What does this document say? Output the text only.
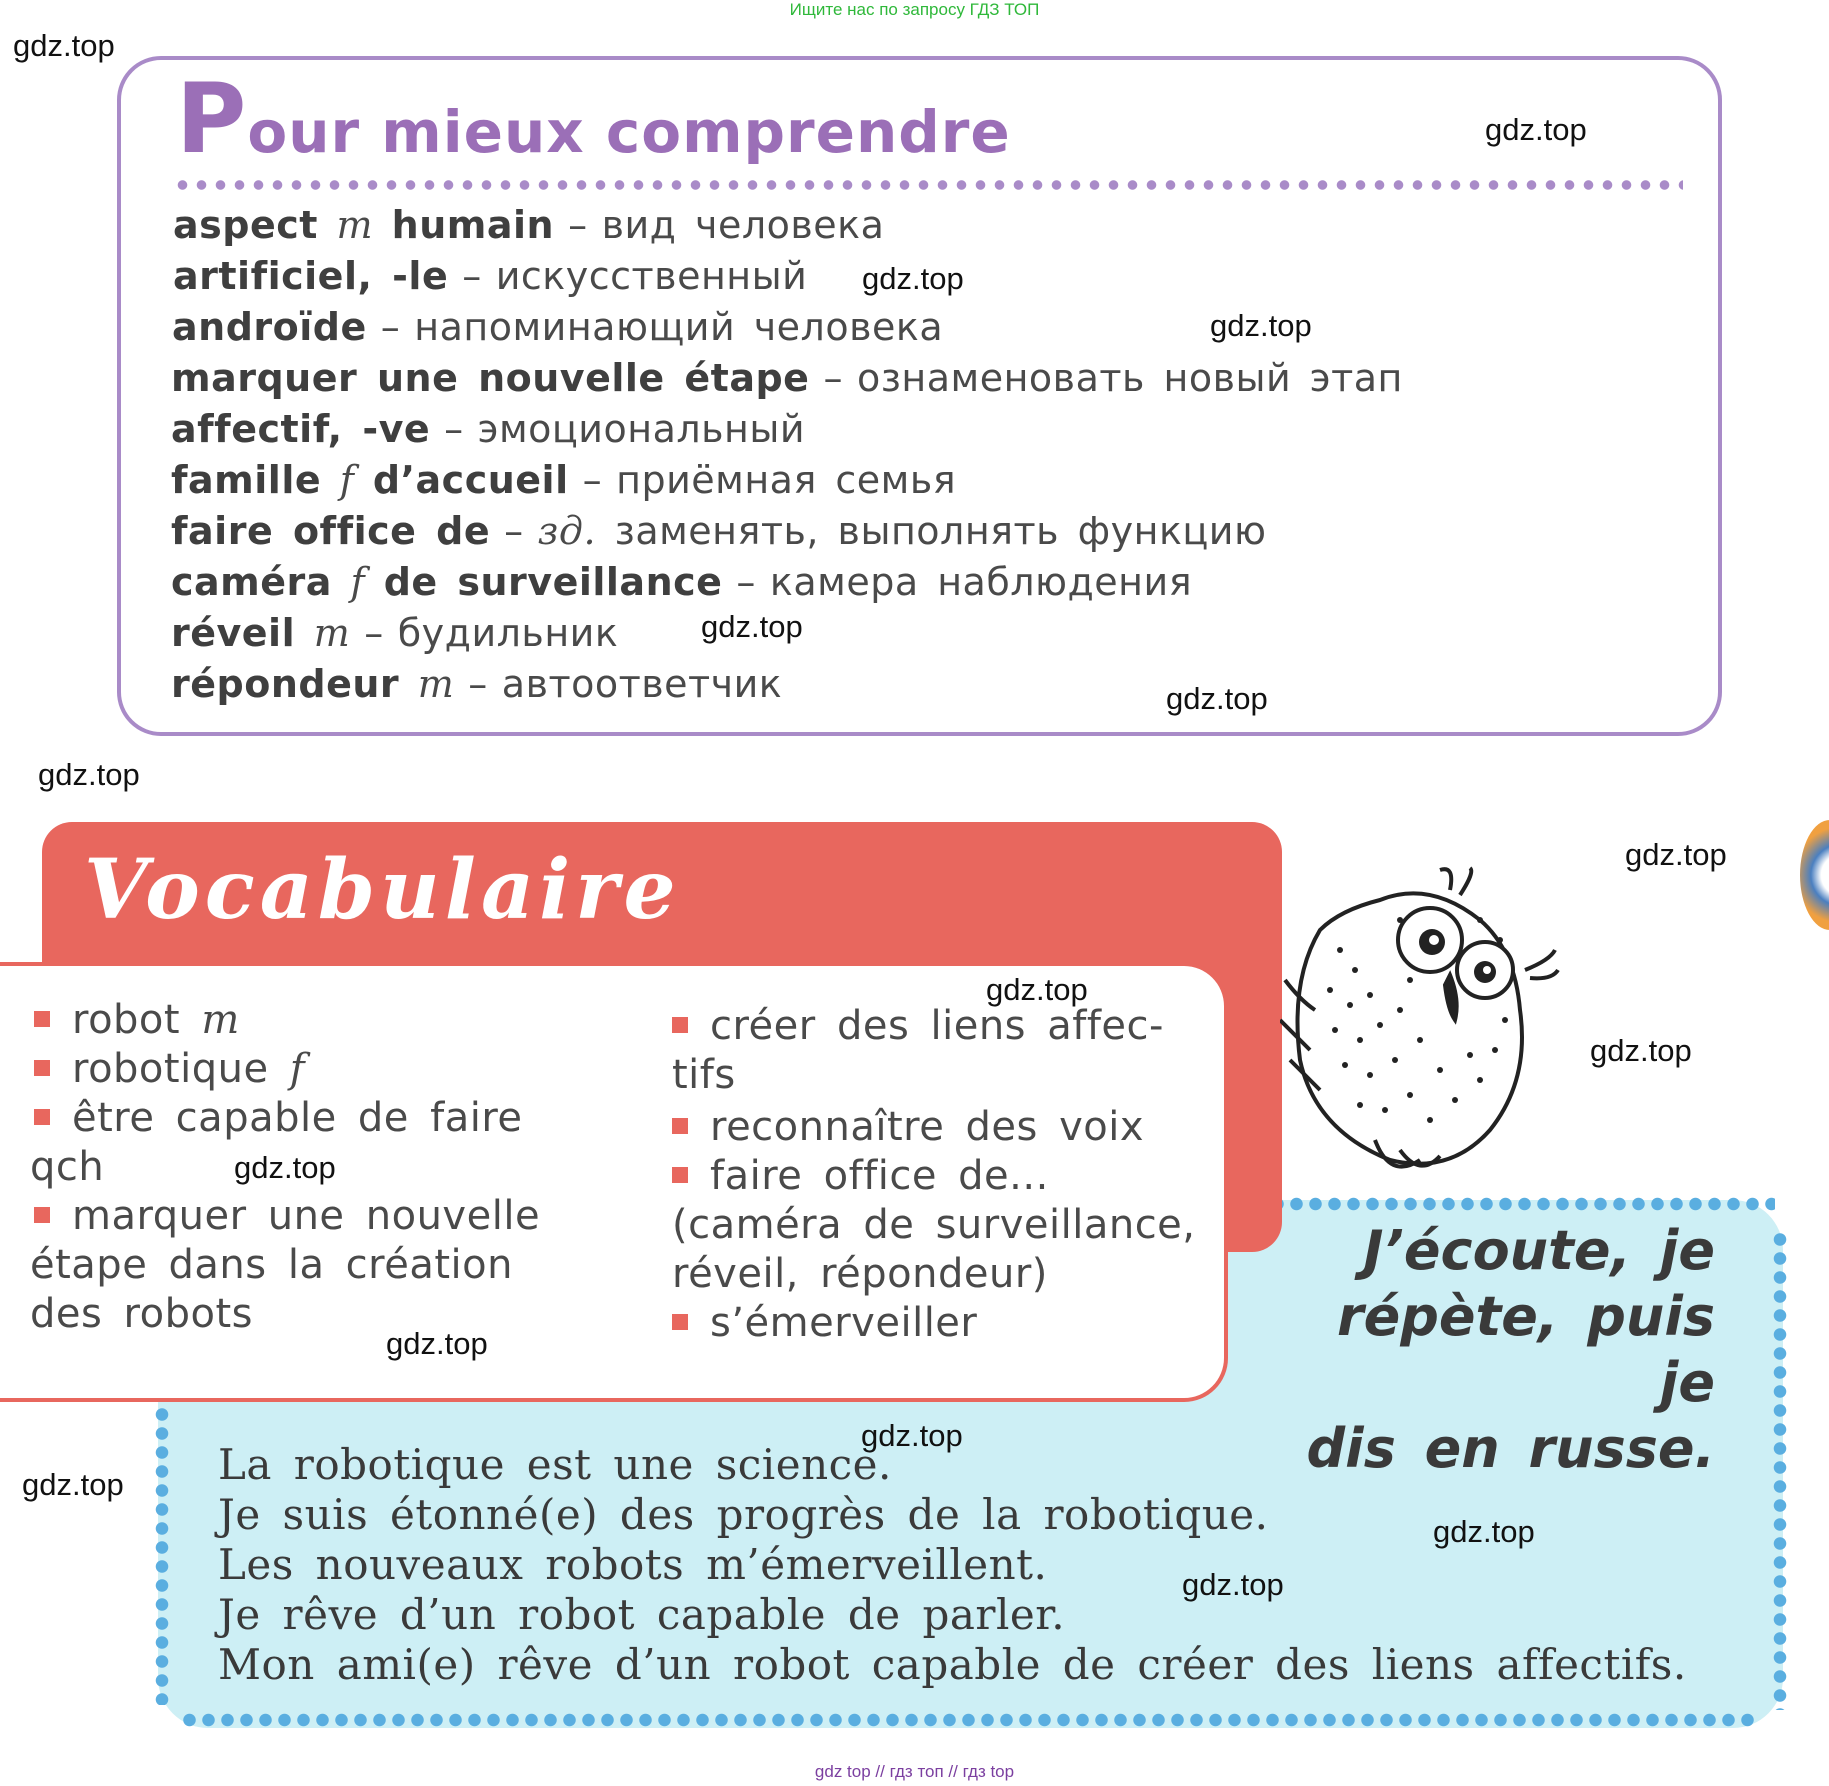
Ищите нас по запросу ГДЗ ТОП
Pour mieux comprendre
aspect m humain – вид человека
artificiel, -le – искусственный
androïde – напоминающий человека
marquer une nouvelle étape – ознаменовать новый этап
affectif, -ve – эмоциональный
famille f d’accueil – приёмная семья
faire office de – зд. заменять, выполнять функцию
caméra f de surveillance – камера наблюдения
réveil m – будильник
répondeur m – автоответчик
Vocabulaire
robot m
robotique f
être capable de faire
qch
marquer une nouvelle
étape dans la création
des robots
créer des liens affec-
tifs
reconnaître des voix
faire office de...
(caméra de surveillance,
réveil, répondeur)
s’émerveiller
J’écoute, je
répète, puis je
dis en russe.
La robotique est une science.
Je suis étonné(e) des progrès de la robotique.
Les nouveaux robots m’émerveillent.
Je rêve d’un robot capable de parler.
Mon ami(e) rêve d’un robot capable de créer des liens affectifs.
gdz.top
gdz.top
gdz.top
gdz.top
gdz.top
gdz.top
gdz.top
gdz.top
gdz.top
gdz.top
gdz.top
gdz.top
gdz.top
gdz.top
gdz.top
gdz.top
gdz top // гдз топ // гдз top
